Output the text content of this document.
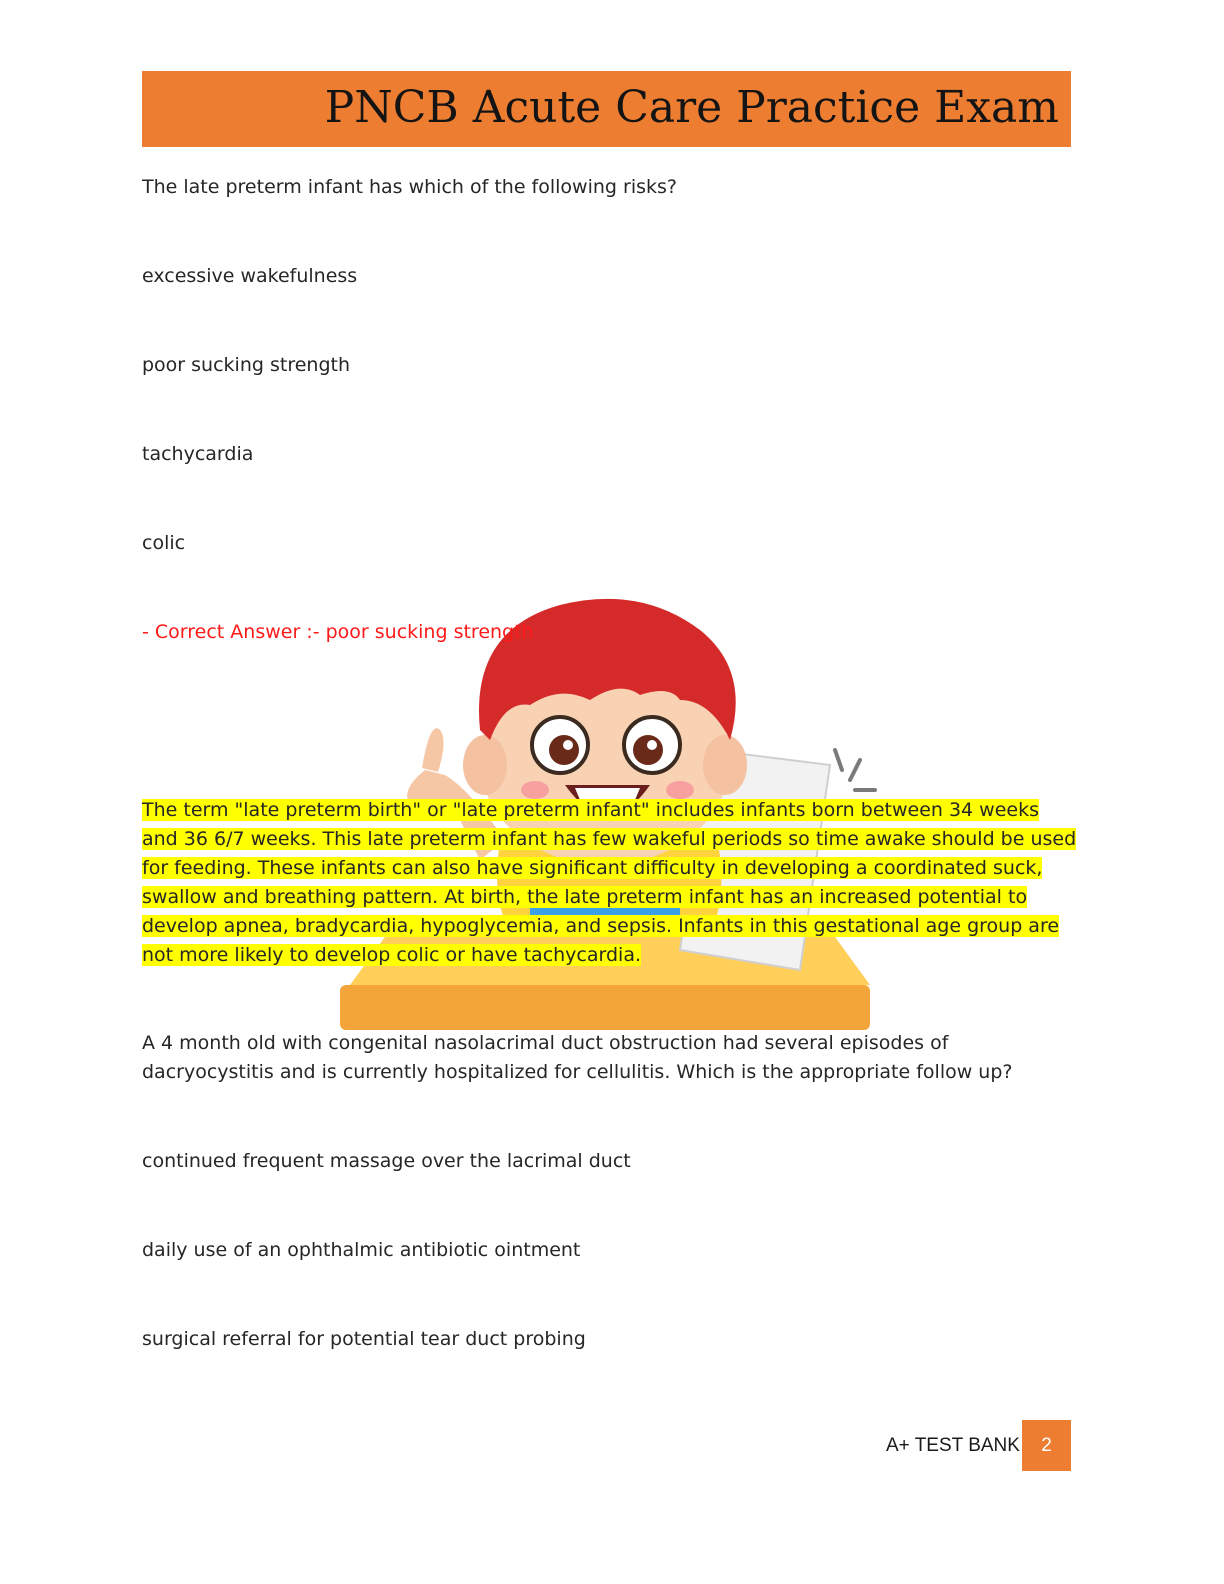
PNCB Acute Care Practice Exam

The late preterm infant has which of the following risks?

excessive wakefulness

poor sucking strength

tachycardia

colic

- Correct Answer :- poor sucking strength

The term "late preterm birth" or "late preterm infant" includes infants born between 34 weeks and 36 6/7 weeks. This late preterm infant has few wakeful periods so time awake should be used for feeding. These infants can also have significant difficulty in developing a coordinated suck, swallow and breathing pattern. At birth, the late preterm infant has an increased potential to develop apnea, bradycardia, hypoglycemia, and sepsis. Infants in this gestational age group are not more likely to develop colic or have tachycardia.

A 4 month old with congenital nasolacrimal duct obstruction had several episodes of dacryocystitis and is currently hospitalized for cellulitis. Which is the appropriate follow up?

continued frequent massage over the lacrimal duct

daily use of an ophthalmic antibiotic ointment

surgical referral for potential tear duct probing

A+ TEST BANK	2
